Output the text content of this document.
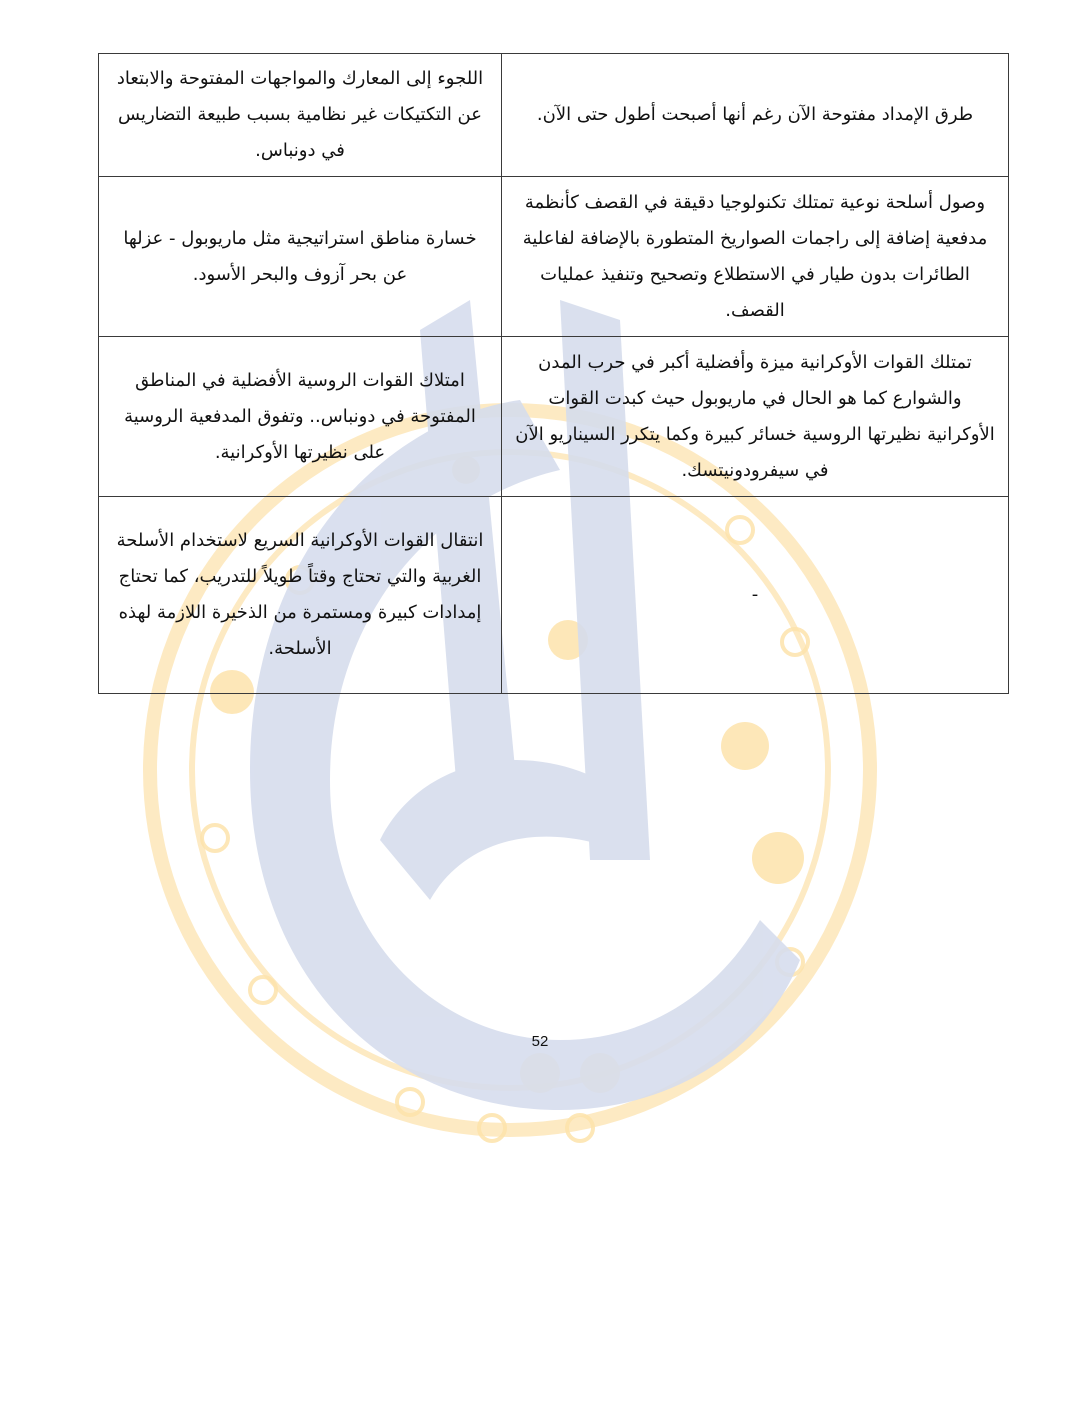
طرق الإمداد مفتوحة الآن رغم أنها أصبحت أطول حتى الآن.	اللجوء إلى المعارك والمواجهات المفتوحة والابتعاد عن التكتيكات غير نظامية بسبب طبيعة التضاريس في دونباس.

وصول أسلحة نوعية تمتلك تكنولوجيا دقيقة في القصف كأنظمة مدفعية إضافة إلى راجمات الصواريخ المتطورة بالإضافة لفاعلية الطائرات بدون طيار في الاستطلاع وتصحيح وتنفيذ عمليات القصف.	خسارة مناطق استراتيجية مثل ماريوبول - عزلها عن بحر آزوف والبحر الأسود.

تمتلك القوات الأوكرانية ميزة وأفضلية أكبر في حرب المدن والشوارع كما هو الحال في ماريوبول حيث كبدت القوات الأوكرانية نظيرتها الروسية خسائر كبيرة وكما يتكرر السيناريو الآن في سيفرودونيتسك.	امتلاك القوات الروسية الأفضلية في المناطق المفتوحة في دونباس.. وتفوق المدفعية الروسية على نظيرتها الأوكرانية.

-	انتقال القوات الأوكرانية السريع لاستخدام الأسلحة الغربية والتي تحتاج وقتاً طويلاً للتدريب، كما تحتاج إمدادات كبيرة ومستمرة من الذخيرة اللازمة لهذه الأسلحة.
52
